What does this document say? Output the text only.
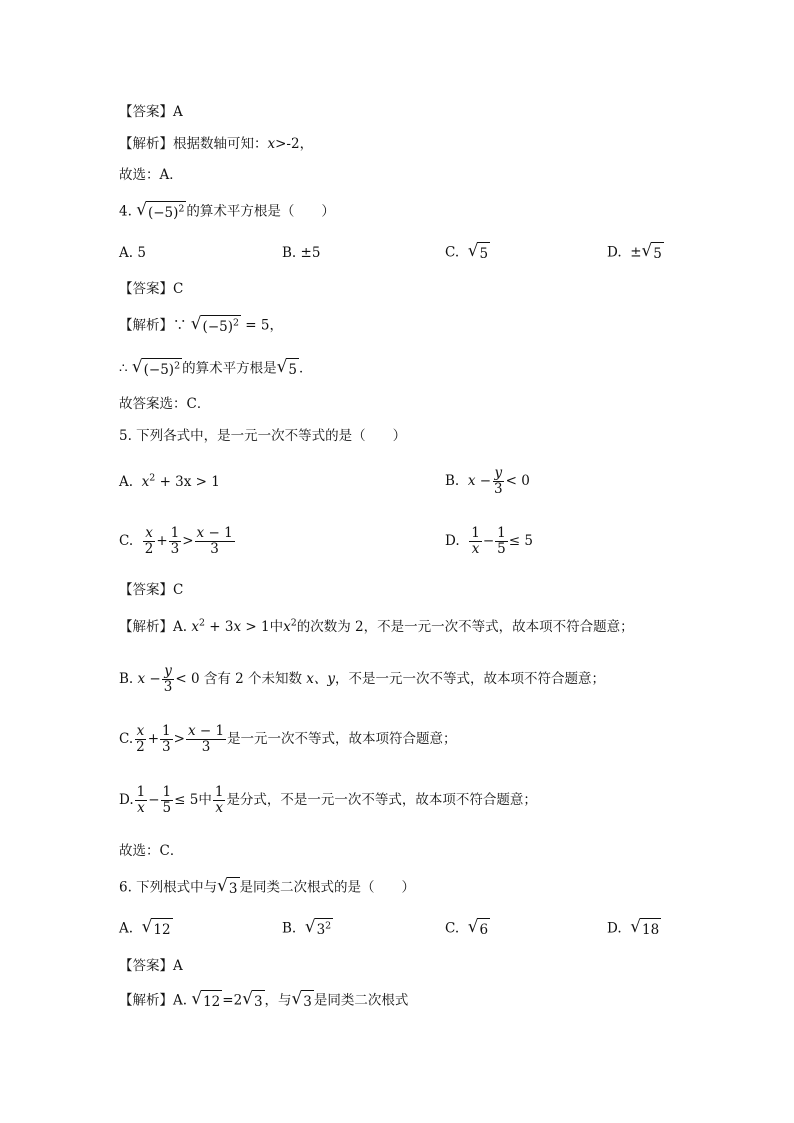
【答案】A
【解析】根据数轴可知：x>-2，
故选：A．
4. √ $(-5)^2$ 的算术平方根是（　　）
A. 5	B. ±5	C. √ 5	D. ± √ 5
【答案】C
【解析】∵ √ $(-5)^2 = 5$，
∴ √ $(-5)^2$ 的算术平方根是 √ 5 ．
故答案选：C．
5. 下列各式中，是一元一次不等式的是（　　）
A. $x^2 + 3x > 1$	B. $x - \frac{y}{3} < 0$
C. $\frac{x}{2} + \frac{1}{3} > \frac{x - 1}{3}$	D. $\frac{1}{x} - \frac{1}{5} \le 5$
【答案】C
【解析】A. $x^2 + 3x > 1$中$x^2$的次数为 2，不是一元一次不等式，故本项不符合题意；
B. $x - \frac{y}{3} < 0$ 含有 2 个未知数 x、y，不是一元一次不等式，故本项不符合题意；
C. $\frac{x}{2} + \frac{1}{3} > \frac{x - 1}{3}$ 是一元一次不等式，故本项符合题意；
D. $\frac{1}{x} - \frac{1}{5} \le 5$中 $\frac{1}{x}$ 是分式，不是一元一次不等式，故本项不符合题意；
故选：C．
6. 下列根式中与 √ 3 是同类二次根式的是（　　）
A. √ 12	B. √ $3^2$	C. √ 6	D. √ 18
【答案】A
【解析】A. √ 12 =2 √ 3 ，与 √ 3 是同类二次根式
